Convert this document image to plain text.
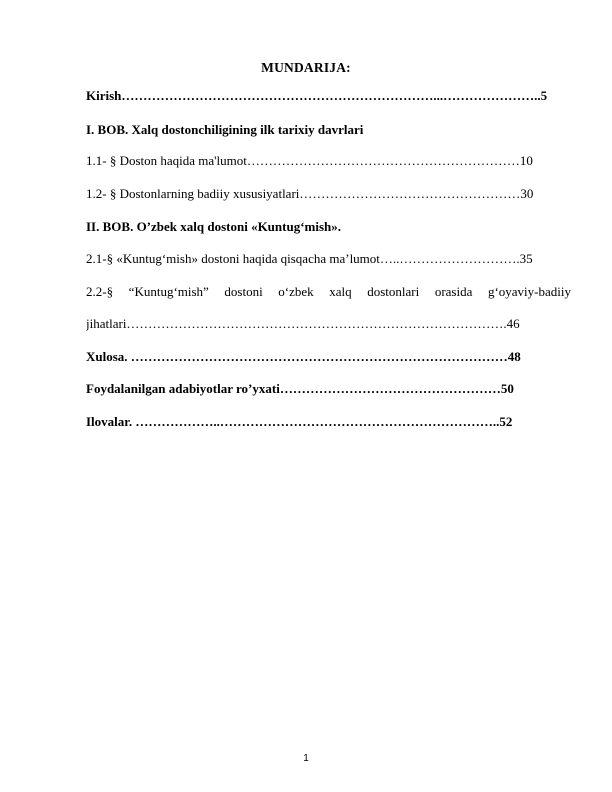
MUNDARIJA:
Kirish………………………………………………………………...…………………..5
I. BOB. Xalq dostonchiligining ilk tarixiy davrlari
1.1- § Doston haqida ma'lumot………………………………………………………10
1.2- § Dostonlarning badiiy xususiyatlari……………………………………………30
II. BOB. O’zbek xalq dostoni «Kuntug‘mish».
2.1-§ «Kuntug‘mish» dostoni haqida qisqacha ma’lumot…..……………………….35
2.2-§ “Kuntug‘mish” dostoni o‘zbek xalq dostonlari orasida g‘oyaviy-badiiy
jihatlari…………………………………………………………………………….46
Xulosa. ……………………………………………………………………………48
Foydalanilgan adabiyotlar ro’yxati……………………………………………50
Ilovalar. ………………..………………………………………………………..52
1
